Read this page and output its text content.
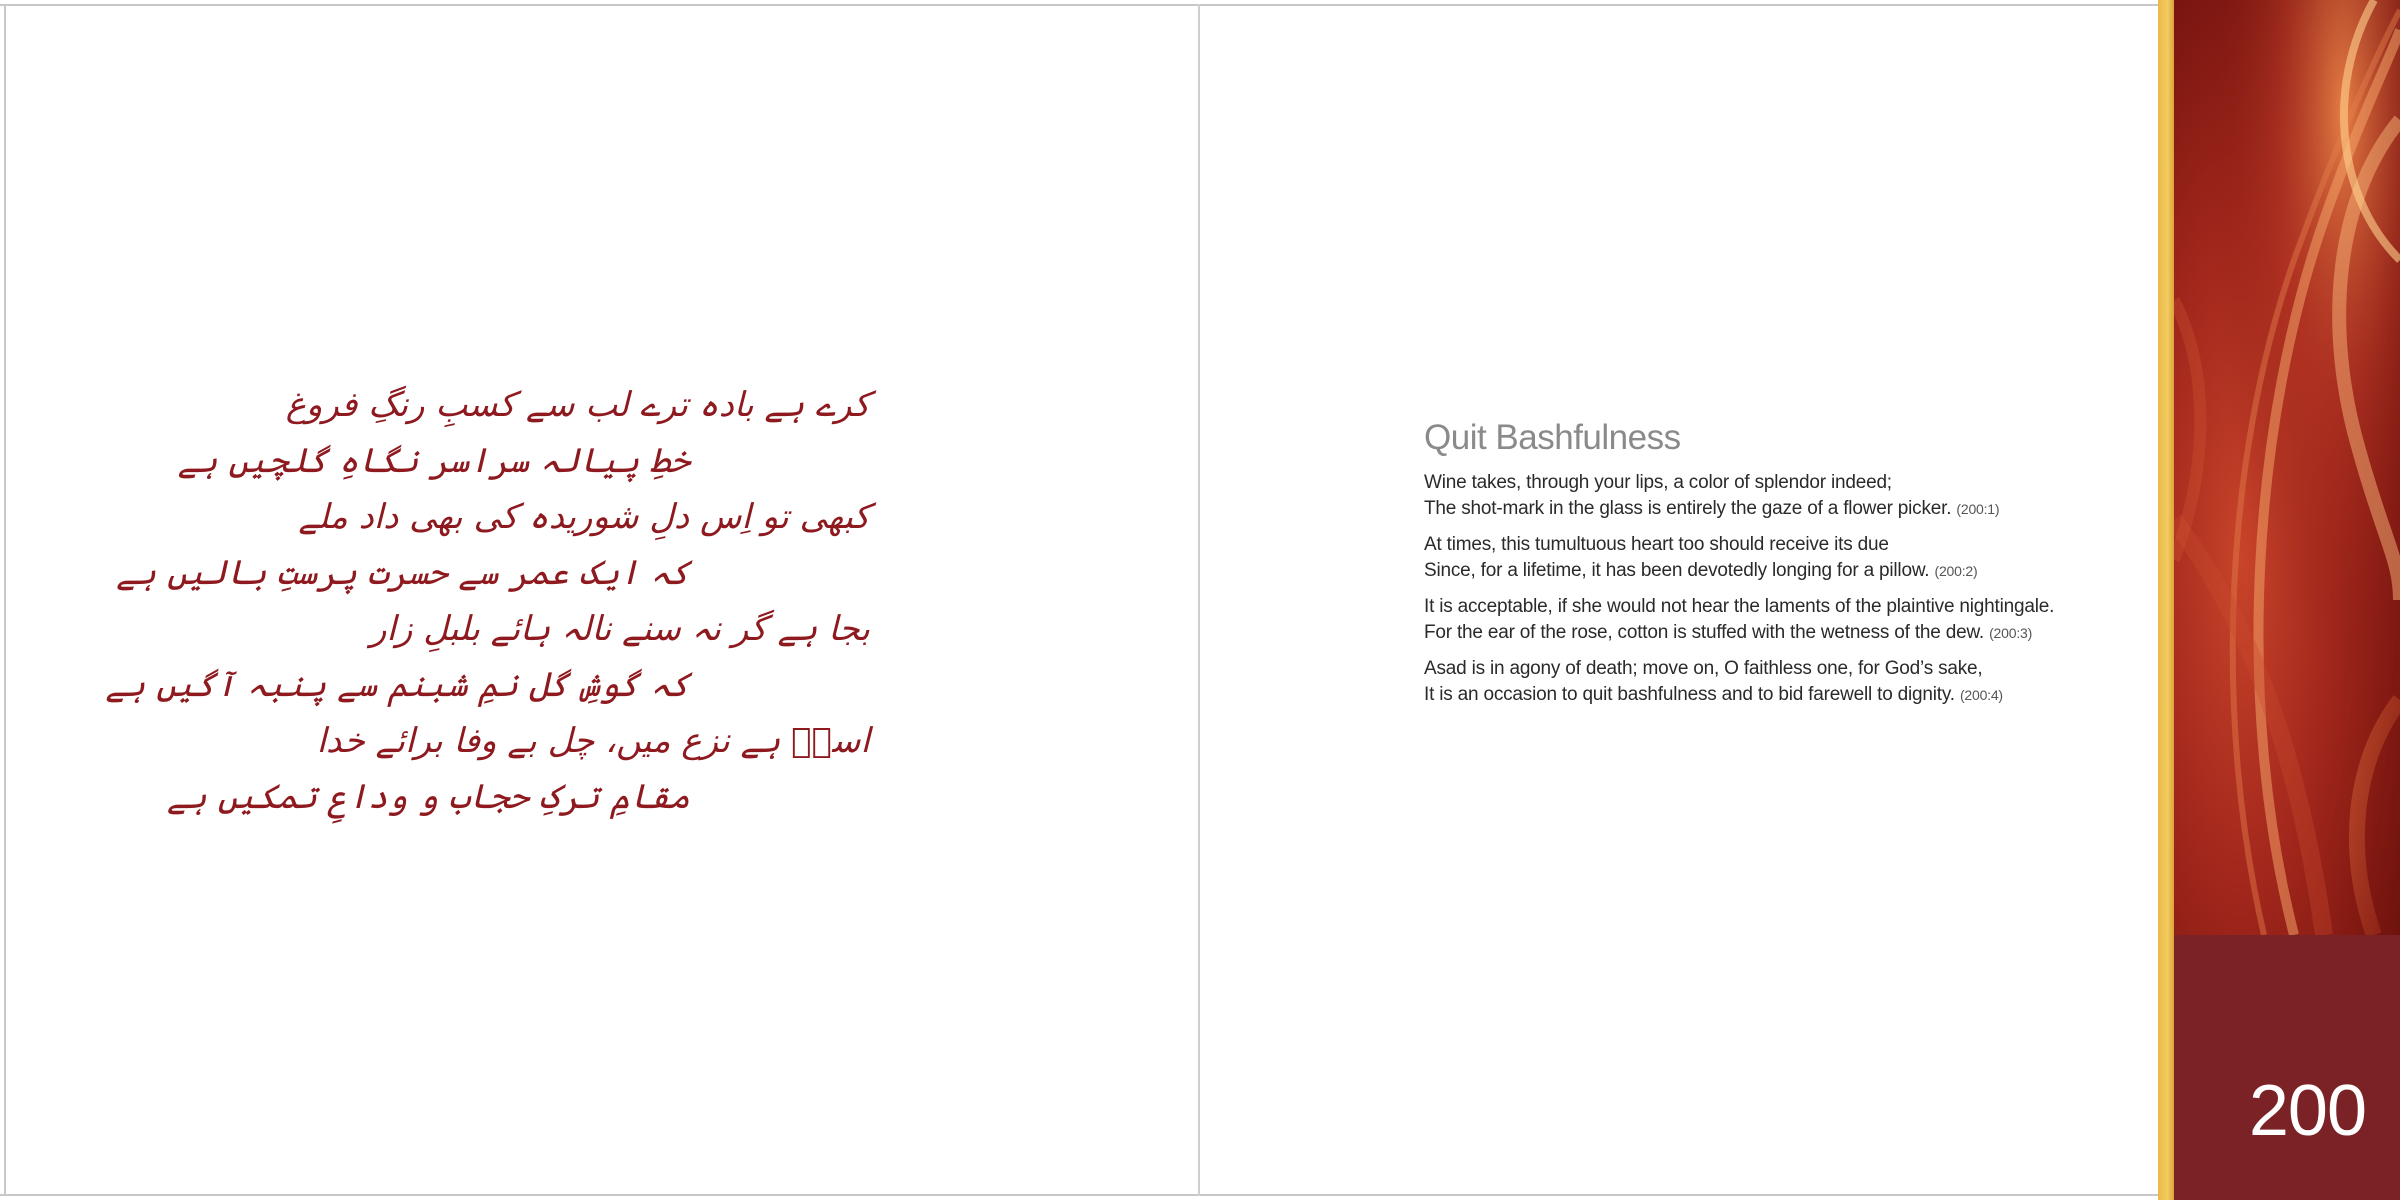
کرے ہے بادہ ترے لب سے کسبِ رنگِ فروغ
خطِ پیالہ سراسر نگاہِ گلچیں ہے
کبھی تو اِس دلِ شوریدہ کی بھی داد ملے
کہ ایک عمر سے حسرت پرستِ بالیں ہے
بجا ہے گر نہ سنے نالہ ہائے بلبلِ زار
کہ گوشِ گل نمِ شبنم سے پنبہ آگیں ہے
اسدؔ ہے نزع میں، چل بے وفا برائے خدا
مقامِ ترکِ حجاب و وداعِ تمکیں ہے
Quit Bashfulness

Wine takes, through your lips, a color of splendor indeed;
The shot-mark in the glass is entirely the gaze of a flower picker. (200:1)

At times, this tumultuous heart too should receive its due
Since, for a lifetime, it has been devotedly longing for a pillow. (200:2)

It is acceptable, if she would not hear the laments of the plaintive nightingale.
For the ear of the rose, cotton is stuffed with the wetness of the dew. (200:3)

Asad is in agony of death; move on, O faithless one, for God’s sake,
It is an occasion to quit bashfulness and to bid farewell to dignity. (200:4)

200
